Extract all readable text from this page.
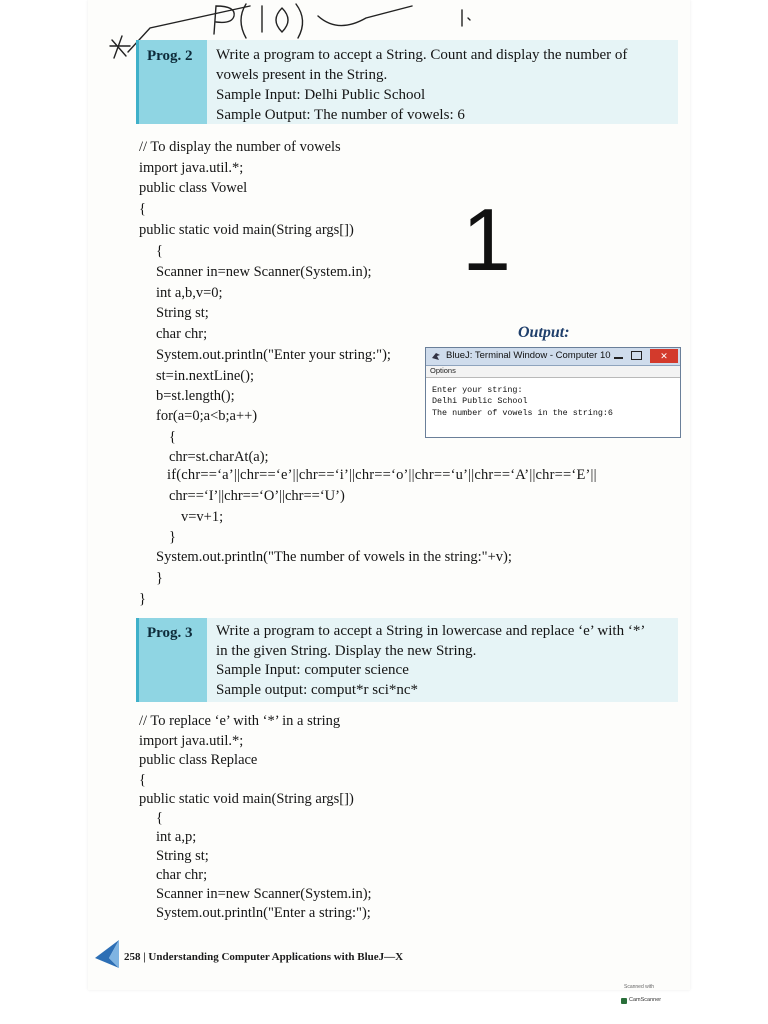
Prog. 2 Write a program to accept a String. Count and display the number of
vowels present in the String.
Sample Input: Delhi Public School
Sample Output: The number of vowels: 6
// To display the number of vowels
import java.util.*;
public class Vowel
{
public static void main(String args[])
{
Scanner in=new Scanner(System.in);
int a,b,v=0;
String st;
char chr;
System.out.println("Enter your string:");
st=in.nextLine();
b=st.length();
for(a=0;a<b;a++)
{
chr=st.charAt(a);
if(chr==‘a’||chr==‘e’||chr==‘i’||chr==‘o’||chr==‘u’||chr==‘A’||chr==‘E’||
chr==‘I’||chr==‘O’||chr==‘U’)
v=v+1;
}
System.out.println("The number of vowels in the string:"+v);
}
}
1
Output:
BlueJ: Terminal Window - Computer 10	✕
Options
Enter your string:
Delhi Public School
The number of vowels in the string:6
Prog. 3 Write a program to accept a String in lowercase and replace ‘e’ with ‘*’
in the given String. Display the new String.
Sample Input: computer science
Sample output: comput*r sci*nc*
// To replace ‘e’ with ‘*’ in a string
import java.util.*;
public class Replace
{
public static void main(String args[])
{
int a,p;
String st;
char chr;
Scanner in=new Scanner(System.in);
System.out.println("Enter a string:");
258 | Understanding Computer Applications with BlueJ—X
Scanned with
CamScanner
